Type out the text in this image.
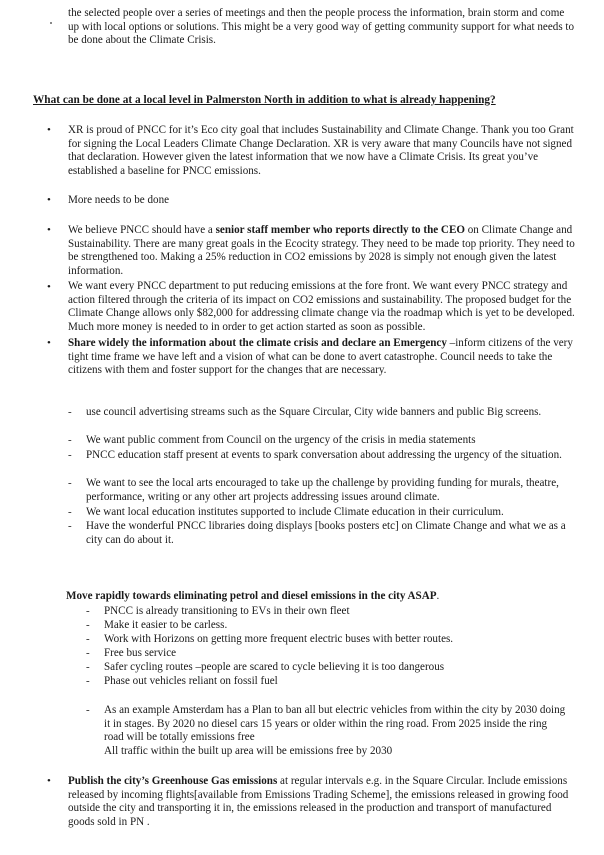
the selected people over a series of meetings and then the people process the information, brain storm and come up with local options or solutions. This might be a very good way of getting community support for what needs to be done about the Climate Crisis.

What can be done at a local level in Palmerston North in addition to what is already happening?

• XR is proud of PNCC for it’s Eco city goal that includes Sustainability and Climate Change. Thank you too Grant for signing the Local Leaders Climate Change Declaration. XR is very aware that many Councils have not signed that declaration. However given the latest information that we now have a Climate Crisis. Its great you’ve established a baseline for PNCC emissions.

• More needs to be done

• We believe PNCC should have a senior staff member who reports directly to the CEO on Climate Change and Sustainability. There are many great goals in the Ecocity strategy. They need to be made top priority. They need to be strengthened too. Making a 25% reduction in CO2 emissions by 2028 is simply not enough given the latest information.

• We want every PNCC department to put reducing emissions at the fore front. We want every PNCC strategy and action filtered through the criteria of its impact on CO2 emissions and sustainability. The proposed budget for the Climate Change allows only $82,000 for addressing climate change via the roadmap which is yet to be developed. Much more money is needed to in order to get action started as soon as possible.

• Share widely the information about the climate crisis and declare an Emergency –inform citizens of the very tight time frame we have left and a vision of what can be done to avert catastrophe. Council needs to take the citizens with them and foster support for the changes that are necessary.

- use council advertising streams such as the Square Circular, City wide banners and public Big screens.

- We want public comment from Council on the urgency of the crisis in media statements

- PNCC education staff present at events to spark conversation about addressing the urgency of the situation.

- We want to see the local arts encouraged to take up the challenge by providing funding for murals, theatre, performance, writing or any other art projects addressing issues around climate.

- We want local education institutes supported to include Climate education in their curriculum.

- Have the wonderful PNCC libraries doing displays [books posters etc] on Climate Change and what we as a city can do about it.

Move rapidly towards eliminating petrol and diesel emissions in the city ASAP.

- PNCC is already transitioning to EVs in their own fleet

- Make it easier to be carless.

- Work with Horizons on getting more frequent electric buses with better routes.

- Free bus service

- Safer cycling routes –people are scared to cycle believing it is too dangerous

- Phase out vehicles reliant on fossil fuel

- As an example Amsterdam has a Plan to ban all but electric vehicles from within the city by 2030 doing it in stages. By 2020 no diesel cars 15 years or older within the ring road. From 2025 inside the ring road will be totally emissions free

All traffic within the built up area will be emissions free by 2030

• Publish the city’s Greenhouse Gas emissions at regular intervals e.g. in the Square Circular. Include emissions released by incoming flights[available from Emissions Trading Scheme], the emissions released in growing food outside the city and transporting it in, the emissions released in the production and transport of manufactured goods sold in PN .
